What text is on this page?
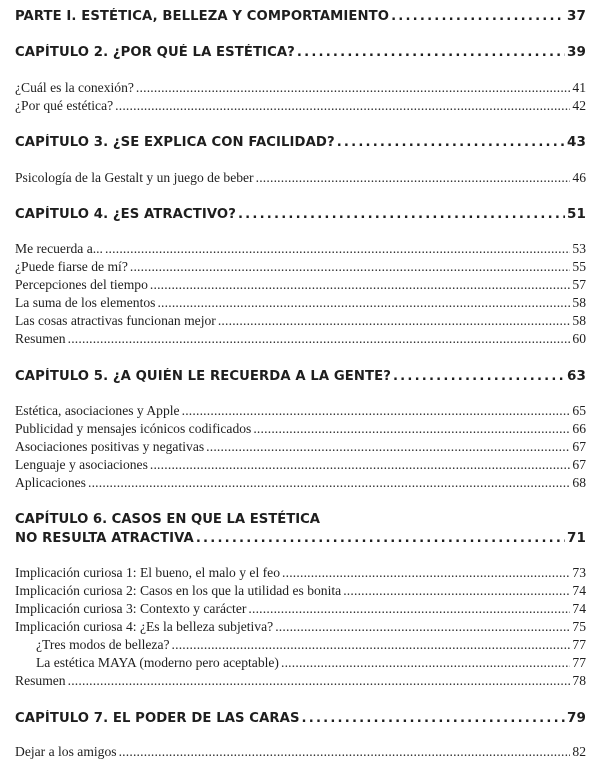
PARTE I. ESTÉTICA, BELLEZA Y COMPORTAMIENTO . . .	37
CAPÍTULO 2. ¿POR QUÉ LA ESTÉTICA? . . .	39
¿Cuál es la conexión? . . .	41
¿Por qué estética? . . .	42
CAPÍTULO 3. ¿SE EXPLICA CON FACILIDAD? . . .	43
Psicología de la Gestalt y un juego de beber . . .	46
CAPÍTULO 4. ¿ES ATRACTIVO? . . .	51
Me recuerda a... . . .	53
¿Puede fiarse de mí? . . .	55
Percepciones del tiempo . . .	57
La suma de los elementos . . .	58
Las cosas atractivas funcionan mejor . . .	58
Resumen . . .	60
CAPÍTULO 5. ¿A QUIÉN LE RECUERDA A LA GENTE? . . .	63
Estética, asociaciones y Apple . . .	65
Publicidad y mensajes icónicos codificados . . .	66
Asociaciones positivas y negativas . . .	67
Lenguaje y asociaciones . . .	67
Aplicaciones . . .	68
CAPÍTULO 6. CASOS EN QUE LA ESTÉTICA
NO RESULTA ATRACTIVA . . .	71
Implicación curiosa 1: El bueno, el malo y el feo . . .	73
Implicación curiosa 2: Casos en los que la utilidad es bonita . . .	74
Implicación curiosa 3: Contexto y carácter . . .	74
Implicación curiosa 4: ¿Es la belleza subjetiva? . . .	75
¿Tres modos de belleza? . . .	77
La estética MAYA (moderno pero aceptable) . . .	77
Resumen . . .	78
CAPÍTULO 7. EL PODER DE LAS CARAS . . .	79
Dejar a los amigos . . .	82
